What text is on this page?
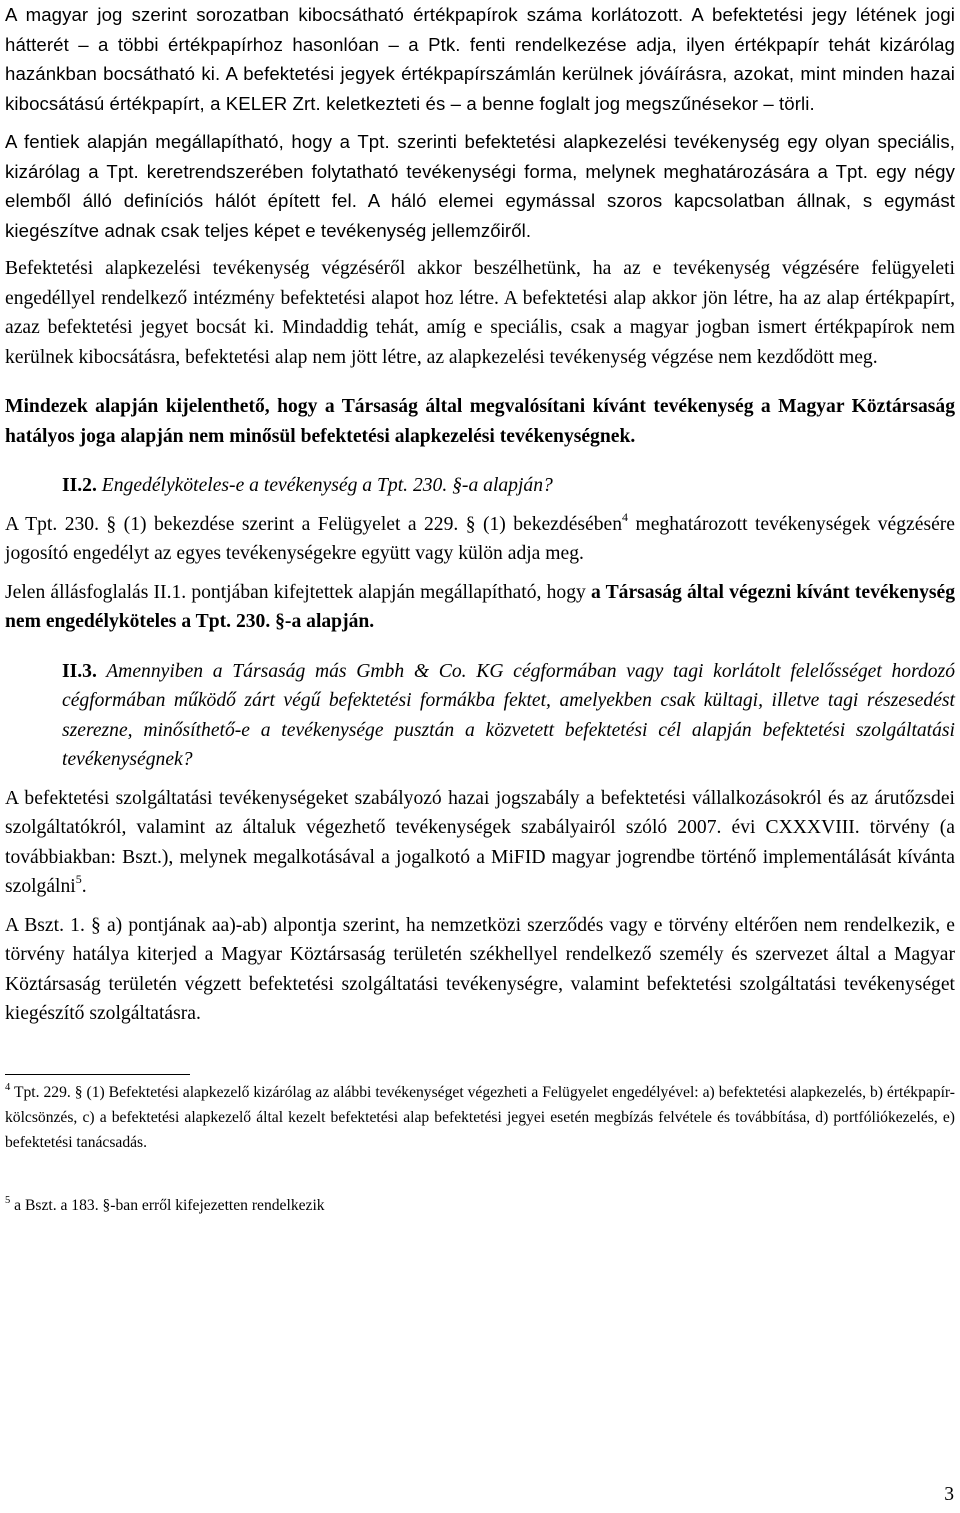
A magyar jog szerint sorozatban kibocsátható értékpapírok száma korlátozott. A befektetési jegy létének jogi hátterét – a többi értékpapírhoz hasonlóan – a Ptk. fenti rendelkezése adja, ilyen értékpapír tehát kizárólag hazánkban bocsátható ki. A befektetési jegyek értékpapírszámlán kerülnek jóváírásra, azokat, mint minden hazai kibocsátású értékpapírt, a KELER Zrt. keletkezteti és – a benne foglalt jog megszűnésekor – törli.

A fentiek alapján megállapítható, hogy a Tpt. szerinti befektetési alapkezelési tevékenység egy olyan speciális, kizárólag a Tpt. keretrendszerében folytatható tevékenységi forma, melynek meghatározására a Tpt. egy négy elemből álló definíciós hálót épített fel. A háló elemei egymással szoros kapcsolatban állnak, s egymást kiegészítve adnak csak teljes képet e tevékenység jellemzőiről.

Befektetési alapkezelési tevékenység végzéséről akkor beszélhetünk, ha az e tevékenység végzésére felügyeleti engedéllyel rendelkező intézmény befektetési alapot hoz létre. A befektetési alap akkor jön létre, ha az alap értékpapírt, azaz befektetési jegyet bocsát ki. Mindaddig tehát, amíg e speciális, csak a magyar jogban ismert értékpapírok nem kerülnek kibocsátásra, befektetési alap nem jött létre, az alapkezelési tevékenység végzése nem kezdődött meg.

Mindezek alapján kijelenthető, hogy a Társaság által megvalósítani kívánt tevékenység a Magyar Köztársaság hatályos joga alapján nem minősül befektetési alapkezelési tevékenységnek.

II.2. Engedélyköteles-e a tevékenység a Tpt. 230. §-a alapján?

A Tpt. 230. § (1) bekezdése szerint a Felügyelet a 229. § (1) bekezdésében$^4$ meghatározott tevékenységek végzésére jogosító engedélyt az egyes tevékenységekre együtt vagy külön adja meg.

Jelen állásfoglalás II.1. pontjában kifejtettek alapján megállapítható, hogy a Társaság által végezni kívánt tevékenység nem engedélyköteles a Tpt. 230. §-a alapján.

II.3. Amennyiben a Társaság más Gmbh & Co. KG cégformában vagy tagi korlátolt felelősséget hordozó cégformában működő zárt végű befektetési formákba fektet, amelyekben csak kültagi, illetve tagi részesedést szerezne, minősíthető-e a tevékenysége pusztán a közvetett befektetési cél alapján befektetési szolgáltatási tevékenységnek?

A befektetési szolgáltatási tevékenységeket szabályozó hazai jogszabály a befektetési vállalkozásokról és az árutőzsdei szolgáltatókról, valamint az általuk végezhető tevékenységek szabályairól szóló 2007. évi CXXXVIII. törvény (a továbbiakban: Bszt.), melynek megalkotásával a jogalkotó a MiFID magyar jogrendbe történő implementálását kívánta szolgálni$^5$.

A Bszt. 1. § a) pontjának aa)-ab) alpontja szerint, ha nemzetközi szerződés vagy e törvény eltérően nem rendelkezik, e törvény hatálya kiterjed a Magyar Köztársaság területén székhellyel rendelkező személy és szervezet által a Magyar Köztársaság területén végzett befektetési szolgáltatási tevékenységre, valamint befektetési szolgáltatási tevékenységet kiegészítő szolgáltatásra.

$^4$ Tpt. 229. § (1) Befektetési alapkezelő kizárólag az alábbi tevékenységet végezheti a Felügyelet engedélyével: a) befektetési alapkezelés, b) értékpapír-kölcsönzés, c) a befektetési alapkezelő által kezelt befektetési alap befektetési jegyei esetén megbízás felvétele és továbbítása, d) portfóliókezelés, e) befektetési tanácsadás.

$^5$ a Bszt. a 183. §-ban erről kifejezetten rendelkezik

3
